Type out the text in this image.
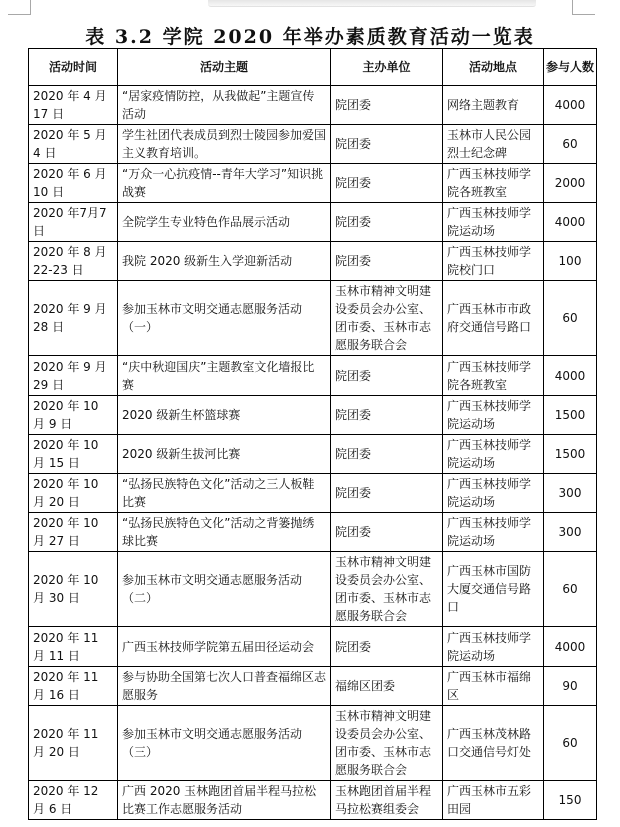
表 3.2 学院 2020 年举办素质教育活动一览表
活动时间	活动主题	主办单位	活动地点	参与人数
2020 年 4 月 17 日	“居家疫情防控，从我做起”主题宣传活动	院团委	网络主题教育	4000
2020 年 5 月 4 日	学生社团代表成员到烈士陵园参加爱国主义教育培训。	院团委	玉林市人民公园烈士纪念碑	60
2020 年 6 月 10 日	“万众一心抗疫情--青年大学习”知识挑战赛	院团委	广西玉林技师学院各班教室	2000
2020 年7月7日	全院学生专业特色作品展示活动	院团委	广西玉林技师学院运动场	4000
2020 年 8 月 22-23 日	我院 2020 级新生入学迎新活动	院团委	广西玉林技师学院校门口	100
2020 年 9 月 28 日	参加玉林市文明交通志愿服务活动（一）	玉林市精神文明建设委员会办公室、团市委、玉林市志愿服务联合会	广西玉林市市政府交通信号路口	60
2020 年 9 月 29 日	“庆中秋迎国庆”主题教室文化墙报比赛	院团委	广西玉林技师学院各班教室	4000
2020 年 10 月 9 日	2020 级新生杯篮球赛	院团委	广西玉林技师学院运动场	1500
2020 年 10 月 15 日	2020 级新生拔河比赛	院团委	广西玉林技师学院运动场	1500
2020 年 10 月 20 日	“弘扬民族特色文化”活动之三人板鞋比赛	院团委	广西玉林技师学院运动场	300
2020 年 10 月 27 日	“弘扬民族特色文化”活动之背篓抛绣球比赛	院团委	广西玉林技师学院运动场	300
2020 年 10 月 30 日	参加玉林市文明交通志愿服务活动（二）	玉林市精神文明建设委员会办公室、团市委、玉林市志愿服务联合会	广西玉林市国防大厦交通信号路口	60
2020 年 11 月 11 日	广西玉林技师学院第五届田径运动会	院团委	广西玉林技师学院运动场	4000
2020 年 11 月 16 日	参与协助全国第七次人口普查福绵区志愿服务	福绵区团委	广西玉林市福绵区	90
2020 年 11 月 20 日	参加玉林市文明交通志愿服务活动（三）	玉林市精神文明建设委员会办公室、团市委、玉林市志愿服务联合会	广西玉林茂林路口交通信号灯处	60
2020 年 12 月 6 日	广西 2020 玉林跑团首届半程马拉松比赛工作志愿服务活动	玉林跑团首届半程马拉松赛组委会	广西玉林市五彩田园	150
